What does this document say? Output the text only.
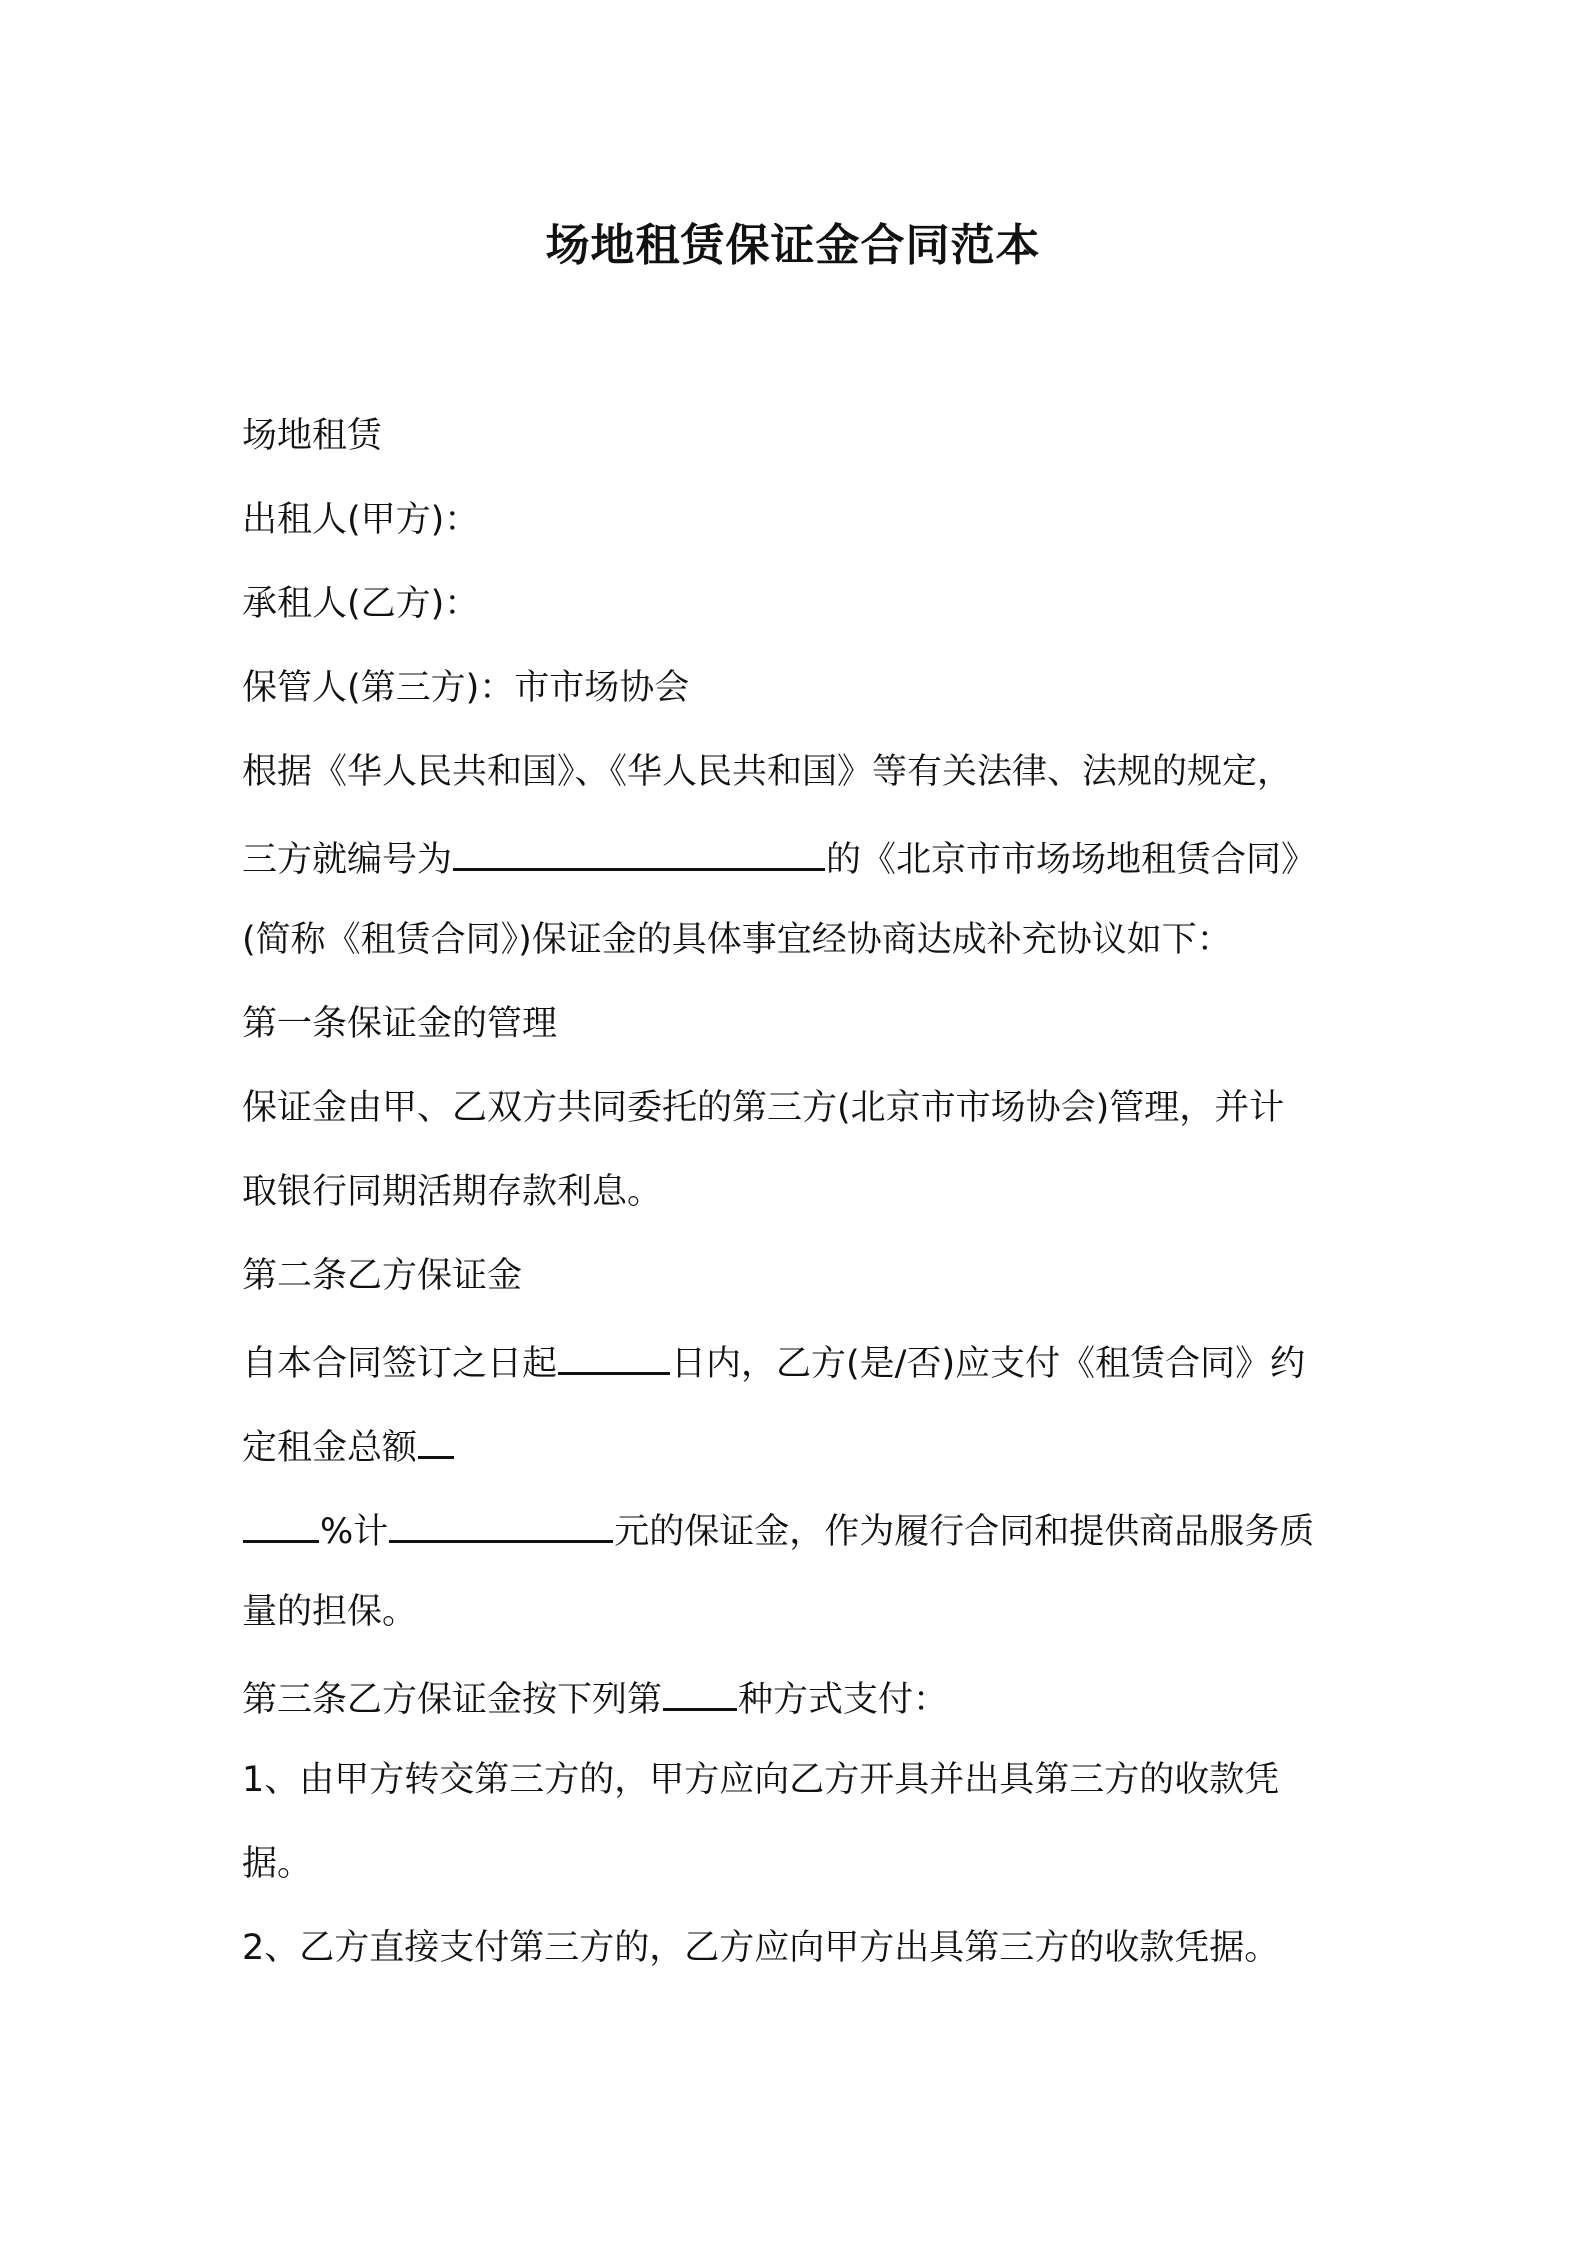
场地租赁保证金合同范本
场地租赁
出租人(甲方)：
承租人(乙方)：
保管人(第三方)：市市场协会
根据《华人民共和国》、《华人民共和国》等有关法律、法规的规定，
三方就编号为	的《北京市市场场地租赁合同》
(简称《租赁合同》)保证金的具体事宜经协商达成补充协议如下：
第一条保证金的管理
保证金由甲、乙双方共同委托的第三方(北京市市场协会)管理，并计
取银行同期活期存款利息。
第二条乙方保证金
自本合同签订之日起	日内，乙方(是/否)应支付《租赁合同》约
定租金总额
%计	元的保证金，作为履行合同和提供商品服务质
量的担保。
第三条乙方保证金按下列第 种方式支付：
1、由甲方转交第三方的，甲方应向乙方开具并出具第三方的收款凭
据。
2、乙方直接支付第三方的，乙方应向甲方出具第三方的收款凭据。
